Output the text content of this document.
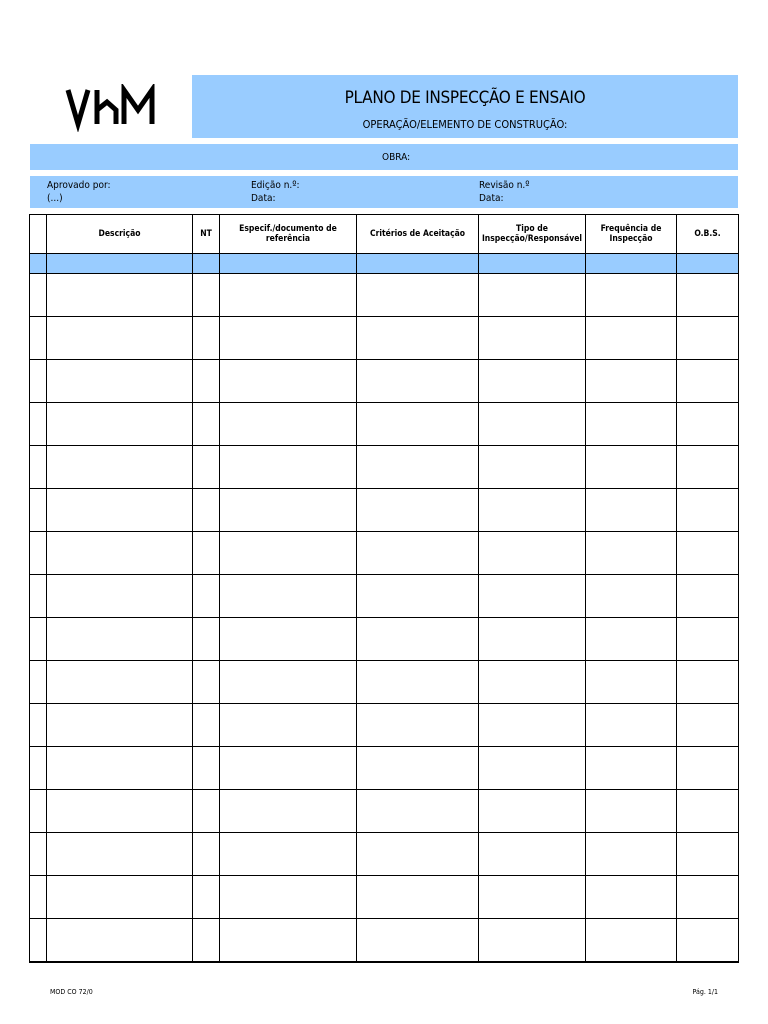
PLANO DE INSPECÇÃO E ENSAIO
OPERAÇÃO/ELEMENTO DE CONSTRUÇÃO:
OBRA:
Aprovado por:
(...)
Edição n.º:
Data:
Revisão n.º
Data:
	Descrição	NT	Especif./documento de referência	Critérios de Aceitação	Tipo de Inspecção/Responsável	Frequência de Inspecção	O.B.S.

MOD CO 72/0	Pág. 1/1
